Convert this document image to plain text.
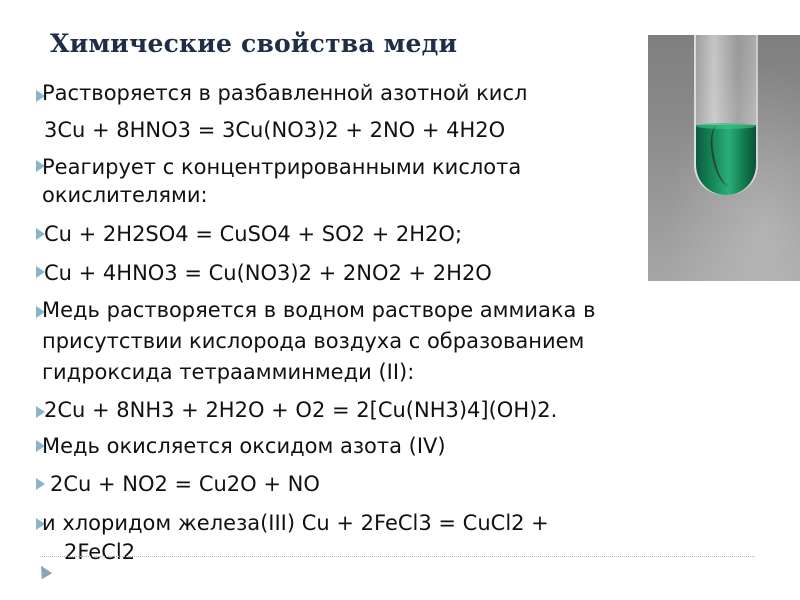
Химические свойства меди
Растворяется в разбавленной азотной кисл
3Cu + 8HNO3 = 3Cu(NO3)2 + 2NO + 4H2O
Реагирует с концентрированными кислота
окислителями:
Cu + 2H2SO4 = CuSO4 + SO2 + 2H2O;
Cu + 4HNO3 = Cu(NO3)2 + 2NO2 + 2H2O
Медь растворяется в водном растворе аммиака в
присутствии кислорода воздуха с образованием
гидроксида тетраамминмеди (II):
2Cu + 8NH3 + 2H2O + O2 = 2[Cu(NH3)4](OH)2.
Медь окисляется оксидом азота (IV)
2Cu + NO2 = Cu2O + NO
и хлоридом железа(III) Cu + 2FeCl3 = CuCl2 +
2FeCl2
